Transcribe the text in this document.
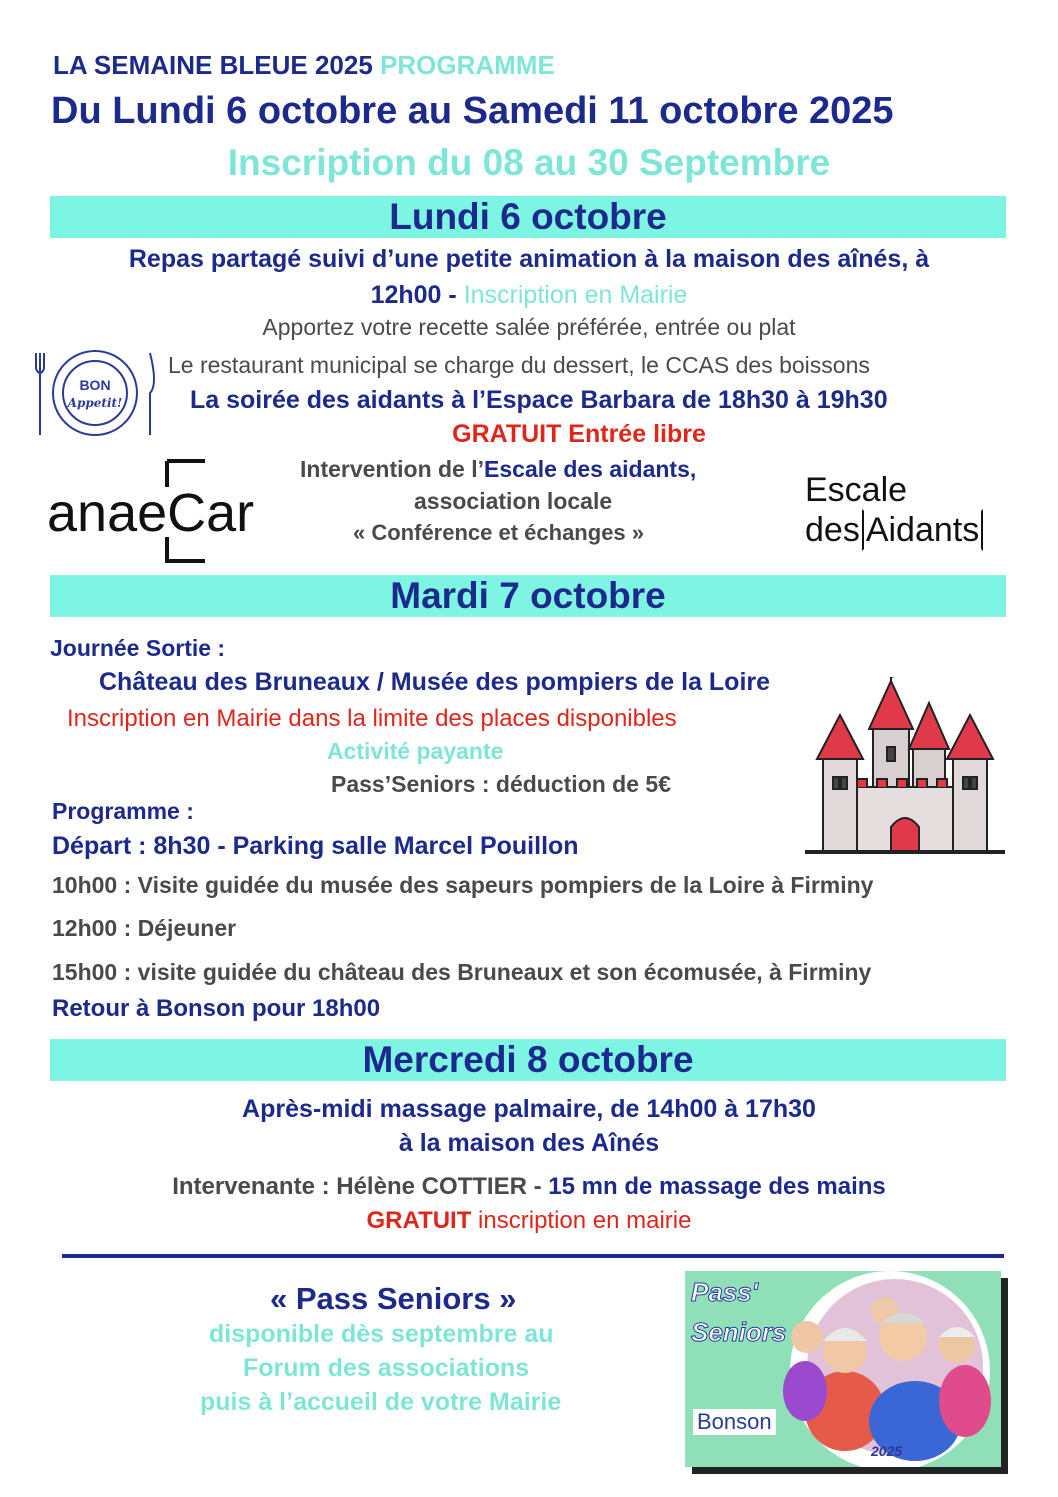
LA SEMAINE BLEUE 2025 PROGRAMME
Du Lundi 6 octobre au Samedi 11 octobre 2025
Inscription du 08 au 30 Septembre
Lundi 6 octobre
Repas partagé suivi d’une petite animation à la maison des aînés, à
12h00 - Inscription en Mairie
Apportez votre recette salée préférée, entrée ou plat
BON
Appetit!
Le restaurant municipal se charge du dessert, le CCAS des boissons
La soirée des aidants à l’Espace Barbara de 18h30 à 19h30
GRATUIT Entrée libre
anaeCar
Intervention de l’Escale des aidants,
association locale
« Conférence et échanges »
Escale
des Aidants
Mardi 7 octobre
Journée Sortie :
Château des Bruneaux / Musée des pompiers de la Loire
Inscription en Mairie dans la limite des places disponibles
Activité payante
Pass’Seniors : déduction de 5€
Programme :
Départ : 8h30 - Parking salle Marcel Pouillon
10h00 : Visite guidée du musée des sapeurs pompiers de la Loire à Firminy
12h00 : Déjeuner
15h00 : visite guidée du château des Bruneaux et son écomusée, à Firminy
Retour à Bonson pour 18h00
Mercredi 8 octobre
Après-midi massage palmaire, de 14h00 à 17h30
à la maison des Aînés
Intervenante : Hélène COTTIER - 15 mn de massage des mains
GRATUIT inscription en mairie
« Pass Seniors »
disponible dès septembre au
Forum des associations
puis à l’accueil de votre Mairie
Pass'
Seniors
Bonson
2025
